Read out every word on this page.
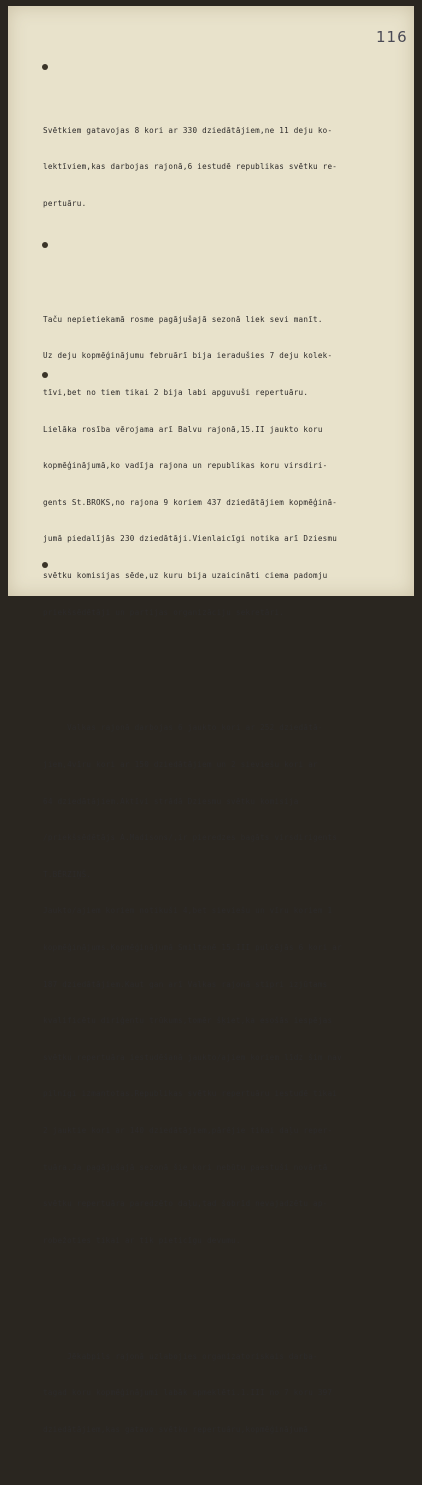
116

Svētkiem gatavojas 8 kori ar 330 dziedātājiem,ne 11 deju ko-

lektīviem,kas darbojas rajonā,6 iestudē republikas svētku re-

pertuāru.

Taču nepietiekamā rosme pagājušajā sezonā liek sevi manīt.

Uz deju kopmēģinājumu februārī bija ieradušies 7 deju kolek-

tīvi,bet no tiem tikai 2 bija labi apguvuši repertuāru.

Lielāka rosība vērojama arī Balvu rajonā,15.II jaukto koru

kopmēģinājumā,ko vadīja rajona un republikas koru virsdiri-

gents St.BROKS,no rajona 9 koriem 437 dziedātājiem kopmēģinā-

jumā piedalījās 230 dziedātāji.Vienlaicīgi notika arī Dziesmu

svētku komisijas sēde,uz kuru bija uzaicināti ciema padomju

priekšsēdētāji un partijas organizāciju sekretāri.

Valkas rajonā darbojas 6 jaukto kori ar 252 dziedātā-

jiem,4vīru kori ar 150 dziedātājiem un 2 sieviešu kori ar

64 dziedātājiem.Aktīvi strādā Dziesmu svētku komisija

/priekšsēdētājs A.Madisons/,ir pieredzes bagāts virsdirigents

T.BĒRZIŅŠ.

Jaukto/ajiem koriem notikuši 4,bet sieviešu un vīru koriem 1

kopmēģinājums.Kopmēģinājumā Smiltenē 15.III pulcējās 6 kori ar

187 dziedātājiem.Kaut gan arī Valkas rajonā stipri izjūtams

kvalificētu diriģentu trūkums,tomēr šķiet,ka esošās iespējas

svētku repertuāra iestudēšanā jaukto/ajiem koriem līdz šim nav

pilnīgi izmantotas.Republikas svētku repertuāru iestudē tikai

2 jauktie kori ar 140 dziedātājiem,pārējie tikai daļu reper-

tuāra.Ja pagājušajā sezonā šie kori nebūtu paestuši novārtā

svētku repertuāra paredzēto daļu,tad šobrīd nevajadzētu ap-

robežoties tikai ar tik pieticīgu devumu.

Jēkabpils rajonā uzlabojies organizatoriskais darba-

tagad koru kopmēģinājumi labāk apmeklēti.1.III no 7 koru 397

dziedātājiem,kas gatavo svētku repertuāru,kopmēģinājumā
